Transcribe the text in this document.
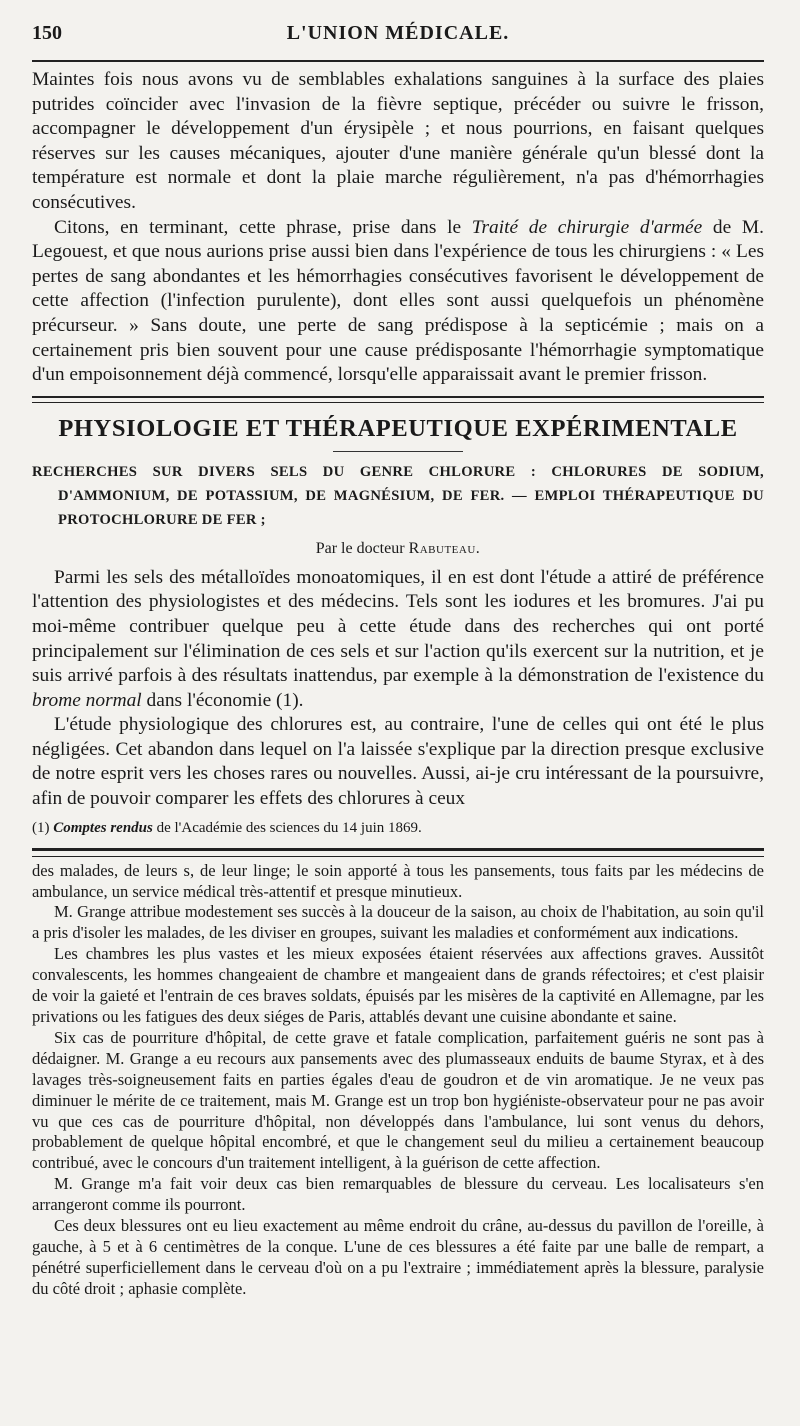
150	L'UNION MÉDICALE.

Maintes fois nous avons vu de semblables exhalations sanguines à la surface des plaies putrides coïncider avec l'invasion de la fièvre septique, précéder ou suivre le frisson, accompagner le développement d'un érysipèle ; et nous pourrions, en faisant quelques réserves sur les causes mécaniques, ajouter d'une manière générale qu'un blessé dont la température est normale et dont la plaie marche régulièrement, n'a pas d'hémorrhagies consécutives.

Citons, en terminant, cette phrase, prise dans le Traité de chirurgie d'armée de M. Legouest, et que nous aurions prise aussi bien dans l'expérience de tous les chirurgiens : « Les pertes de sang abondantes et les hémorrhagies consécutives favorisent le développement de cette affection (l'infection purulente), dont elles sont aussi quelquefois un phénomène précurseur. » Sans doute, une perte de sang prédispose à la septicémie ; mais on a certainement pris bien souvent pour une cause prédisposante l'hémorrhagie symptomatique d'un empoisonnement déjà commencé, lorsqu'elle apparaissait avant le premier frisson.

PHYSIOLOGIE ET THÉRAPEUTIQUE EXPÉRIMENTALE

RECHERCHES SUR DIVERS SELS DU GENRE CHLORURE : CHLORURES DE SODIUM, D'AMMONIUM, DE POTASSIUM, DE MAGNÉSIUM, DE FER. — EMPLOI THÉRAPEUTIQUE DU PROTOCHLORURE DE FER ;

Par le docteur Rabuteau.

Parmi les sels des métalloïdes monoatomiques, il en est dont l'étude a attiré de préférence l'attention des physiologistes et des médecins. Tels sont les iodures et les bromures. J'ai pu moi-même contribuer quelque peu à cette étude dans des recherches qui ont porté principalement sur l'élimination de ces sels et sur l'action qu'ils exercent sur la nutrition, et je suis arrivé parfois à des résultats inattendus, par exemple à la démonstration de l'existence du brome normal dans l'économie (1).

L'étude physiologique des chlorures est, au contraire, l'une de celles qui ont été le plus négligées. Cet abandon dans lequel on l'a laissée s'explique par la direction presque exclusive de notre esprit vers les choses rares ou nouvelles. Aussi, ai-je cru intéressant de la poursuivre, afin de pouvoir comparer les effets des chlorures à ceux

(1) Comptes rendus de l'Académie des sciences du 14 juin 1869.

des malades, de leurs s, de leur linge; le soin apporté à tous les pansements, tous faits par les médecins de ambulance, un service médical très-attentif et presque minutieux.

M. Grange attribue modestement ses succès à la douceur de la saison, au choix de l'habitation, au soin qu'il a pris d'isoler les malades, de les diviser en groupes, suivant les maladies et conformément aux indications.

Les chambres les plus vastes et les mieux exposées étaient réservées aux affections graves. Aussitôt convalescents, les hommes changeaient de chambre et mangeaient dans de grands réfectoires; et c'est plaisir de voir la gaieté et l'entrain de ces braves soldats, épuisés par les misères de la captivité en Allemagne, par les privations ou les fatigues des deux siéges de Paris, attablés devant une cuisine abondante et saine.

Six cas de pourriture d'hôpital, de cette grave et fatale complication, parfaitement guéris ne sont pas à dédaigner. M. Grange a eu recours aux pansements avec des plumasseaux enduits de baume Styrax, et à des lavages très-soigneusement faits en parties égales d'eau de goudron et de vin aromatique. Je ne veux pas diminuer le mérite de ce traitement, mais M. Grange est un trop bon hygiéniste-observateur pour ne pas avoir vu que ces cas de pourriture d'hôpital, non développés dans l'ambulance, lui sont venus du dehors, probablement de quelque hôpital encombré, et que le changement seul du milieu a certainement beaucoup contribué, avec le concours d'un traitement intelligent, à la guérison de cette affection.

M. Grange m'a fait voir deux cas bien remarquables de blessure du cerveau. Les localisateurs s'en arrangeront comme ils pourront.

Ces deux blessures ont eu lieu exactement au même endroit du crâne, au-dessus du pavillon de l'oreille, à gauche, à 5 et à 6 centimètres de la conque. L'une de ces blessures a été faite par une balle de rempart, a pénétré superficiellement dans le cerveau d'où on a pu l'extraire ; immédiatement après la blessure, paralysie du côté droit ; aphasie complète.
